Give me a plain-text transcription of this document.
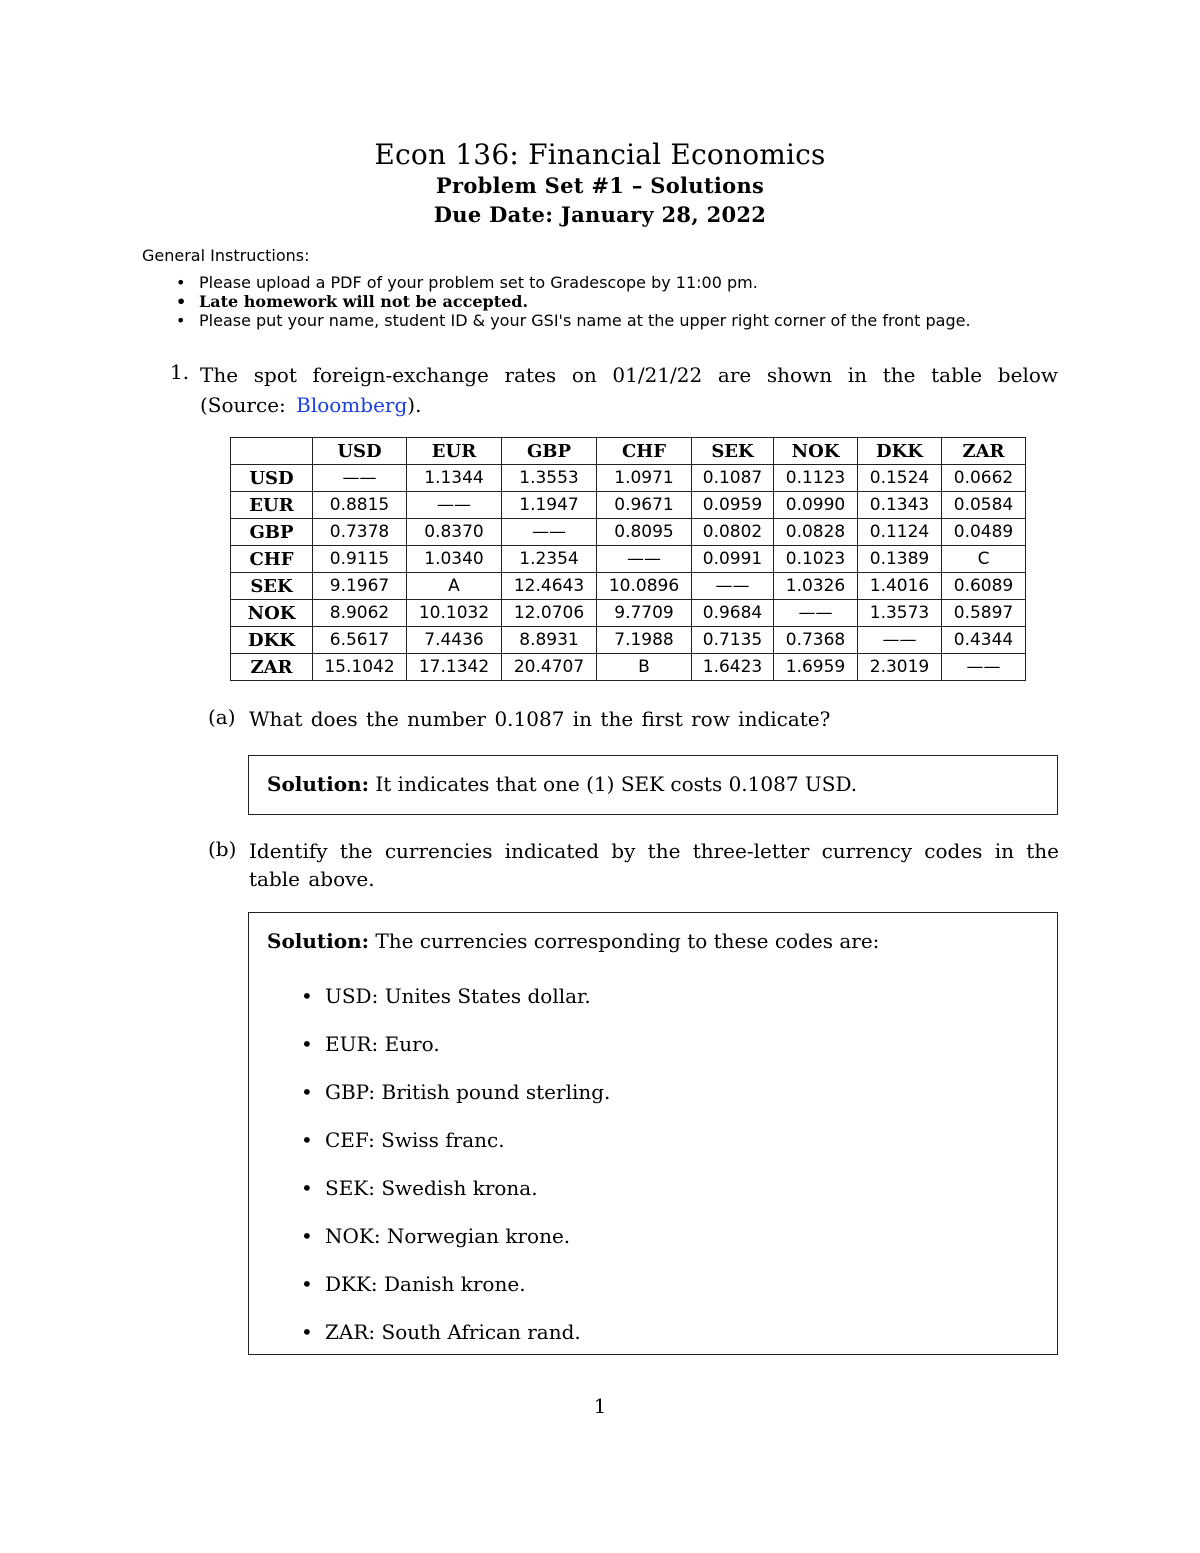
Econ 136: Financial Economics
Problem Set #1 – Solutions
Due Date: January 28, 2022
General Instructions:
• Please upload a PDF of your problem set to Gradescope by 11:00 pm.
• Late homework will not be accepted.
• Please put your name, student ID & your GSI's name at the upper right corner of the front page.
1. The spot foreign-exchange rates on 01/21/22 are shown in the table below (Source: Bloomberg).
	USD	EUR	GBP	CHF	SEK	NOK	DKK	ZAR
USD	——	1.1344	1.3553	1.0971	0.1087	0.1123	0.1524	0.0662
EUR	0.8815	——	1.1947	0.9671	0.0959	0.0990	0.1343	0.0584
GBP	0.7378	0.8370	——	0.8095	0.0802	0.0828	0.1124	0.0489
CHF	0.9115	1.0340	1.2354	——	0.0991	0.1023	0.1389	C
SEK	9.1967	A	12.4643	10.0896	——	1.0326	1.4016	0.6089
NOK	8.9062	10.1032	12.0706	9.7709	0.9684	——	1.3573	0.5897
DKK	6.5617	7.4436	8.8931	7.1988	0.7135	0.7368	——	0.4344
ZAR	15.1042	17.1342	20.4707	B	1.6423	1.6959	2.3019	——
(a) What does the number 0.1087 in the first row indicate?
Solution: It indicates that one (1) SEK costs 0.1087 USD.
(b) Identify the currencies indicated by the three-letter currency codes in the table above.
Solution: The currencies corresponding to these codes are:
• USD: Unites States dollar.
• EUR: Euro.
• GBP: British pound sterling.
• CEF: Swiss franc.
• SEK: Swedish krona.
• NOK: Norwegian krone.
• DKK: Danish krone.
• ZAR: South African rand.
1
